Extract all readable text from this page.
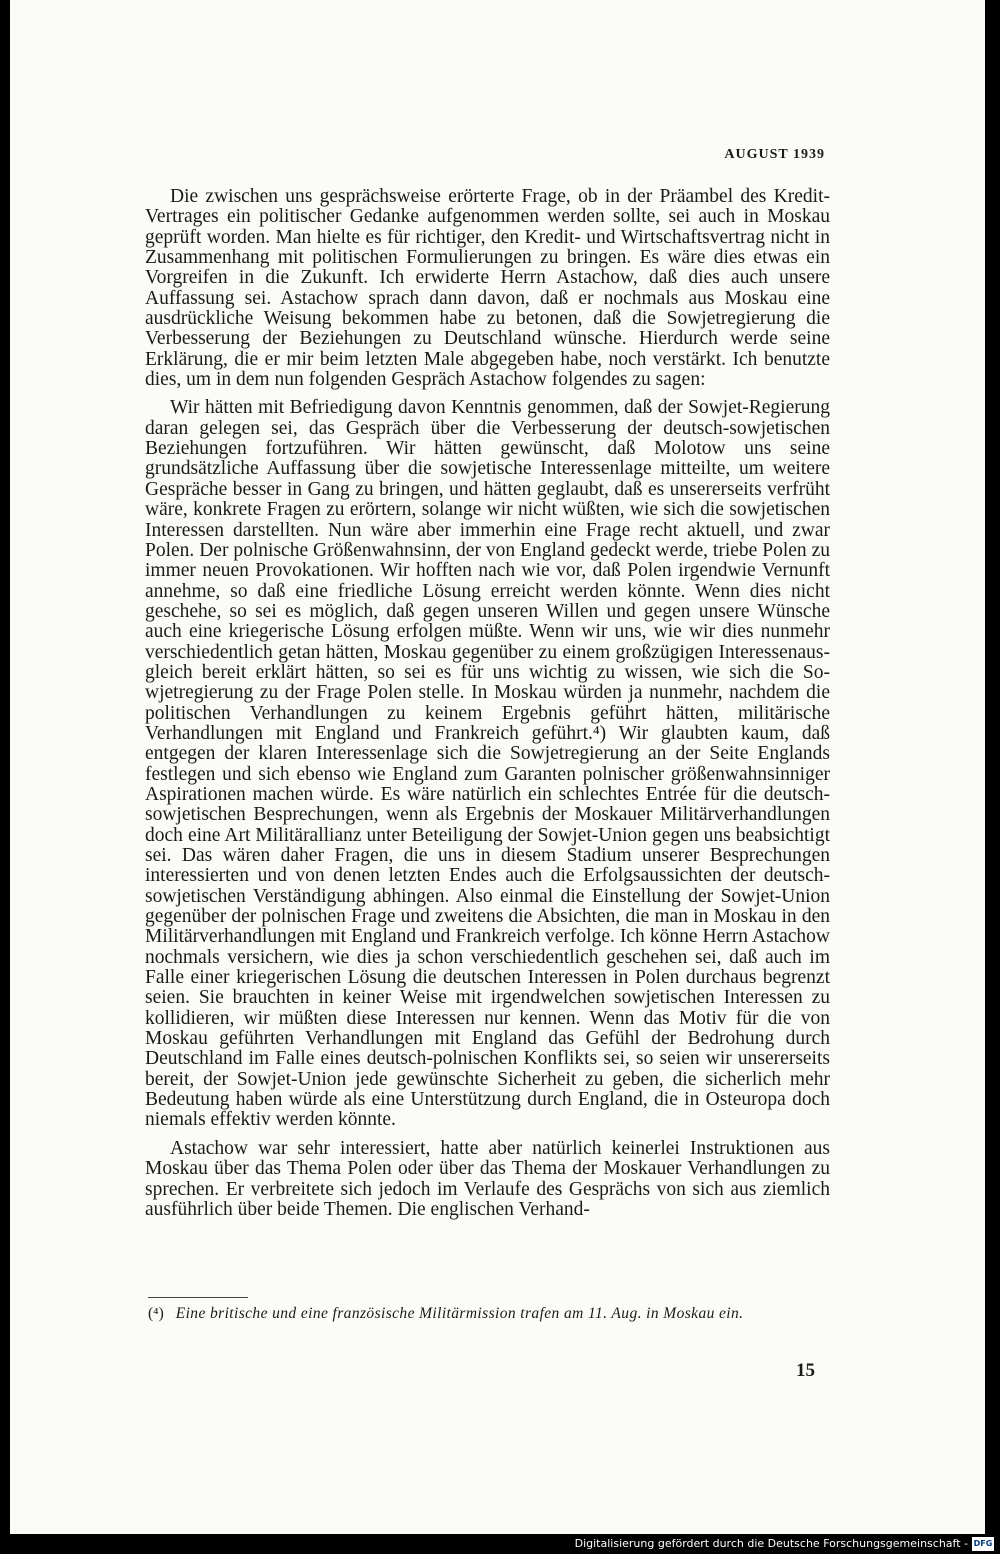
AUGUST 1939

Die zwischen uns gesprächsweise erörterte Frage, ob in der Präambel des Kredit-Vertrages ein politischer Gedanke aufgenommen werden sollte, sei auch in Moskau geprüft worden. Man hielte es für richtiger, den Kredit- und Wirtschaftsvertrag nicht in Zusammenhang mit politischen Formulierungen zu bringen. Es wäre dies etwas ein Vorgreifen in die Zukunft. Ich erwiderte Herrn Astachow, daß dies auch unsere Auffassung sei. Astachow sprach dann davon, daß er nochmals aus Moskau eine ausdrückliche Weisung bekommen habe zu betonen, daß die Sowjetregierung die Verbesserung der Beziehungen zu Deutschland wünsche. Hierdurch werde seine Erklärung, die er mir beim letzten Male abgegeben habe, noch verstärkt. Ich benutzte dies, um in dem nun folgenden Gespräch Astachow folgendes zu sagen:

Wir hätten mit Befriedigung davon Kenntnis genommen, daß der Sowjet-Regierung daran gelegen sei, das Gespräch über die Verbesserung der deutsch-sowjetischen Beziehungen fortzuführen. Wir hätten gewünscht, daß Molotow uns seine grundsätzliche Auffassung über die sowjetische Interessenlage mitteilte, um weitere Gespräche besser in Gang zu bringen, und hätten geglaubt, daß es unsererseits verfrüht wäre, konkrete Fragen zu erörtern, solange wir nicht wüßten, wie sich die sowjetischen Interessen darstellten. Nun wäre aber immerhin eine Frage recht aktuell, und zwar Polen. Der polnische Größenwahnsinn, der von England gedeckt werde, triebe Polen zu immer neuen Provokationen. Wir hofften nach wie vor, daß Polen irgendwie Vernunft annehme, so daß eine friedliche Lösung erreicht werden könnte. Wenn dies nicht geschehe, so sei es möglich, daß gegen unseren Willen und gegen unsere Wünsche auch eine kriegerische Lösung erfolgen müßte. Wenn wir uns, wie wir dies nunmehr verschiedentlich getan hätten, Moskau gegenüber zu einem großzügigen Interessenausgleich bereit erklärt hätten, so sei es für uns wichtig zu wissen, wie sich die Sowjetregierung zu der Frage Polen stelle. In Moskau würden ja nunmehr, nachdem die politischen Verhandlungen zu keinem Ergebnis geführt hätten, militärische Verhandlungen mit England und Frankreich geführt.⁴) Wir glaubten kaum, daß entgegen der klaren Interessenlage sich die Sowjetregierung an der Seite Englands festlegen und sich ebenso wie England zum Garanten polnischer größenwahnsinniger Aspirationen machen würde. Es wäre natürlich ein schlechtes Entrée für die deutsch-sowjetischen Besprechungen, wenn als Ergebnis der Moskauer Militärverhandlungen doch eine Art Militärallianz unter Beteiligung der Sowjet-Union gegen uns beabsichtigt sei. Das wären daher Fragen, die uns in diesem Stadium unserer Besprechungen interessierten und von denen letzten Endes auch die Erfolgsaussichten der deutsch-sowjetischen Verständigung abhingen. Also einmal die Einstellung der Sowjet-Union gegenüber der polnischen Frage und zweitens die Absichten, die man in Moskau in den Militärverhandlungen mit England und Frankreich verfolge. Ich könne Herrn Astachow nochmals versichern, wie dies ja schon verschiedentlich geschehen sei, daß auch im Falle einer kriegerischen Lösung die deutschen Interessen in Polen durchaus begrenzt seien. Sie brauchten in keiner Weise mit irgendwelchen sowjetischen Interessen zu kollidieren, wir müßten diese Interessen nur kennen. Wenn das Motiv für die von Moskau geführten Verhandlungen mit England das Gefühl der Bedrohung durch Deutschland im Falle eines deutsch-polnischen Konflikts sei, so seien wir unsererseits bereit, der Sowjet-Union jede gewünschte Sicherheit zu geben, die sicherlich mehr Bedeutung haben würde als eine Unterstützung durch England, die in Osteuropa doch niemals effektiv werden könnte.

Astachow war sehr interessiert, hatte aber natürlich keinerlei Instruktionen aus Moskau über das Thema Polen oder über das Thema der Moskauer Verhandlungen zu sprechen. Er verbreitete sich jedoch im Verlaufe des Gesprächs von sich aus ziemlich ausführlich über beide Themen. Die englischen Verhand-

(⁴) Eine britische und eine französische Militärmission trafen am 11. Aug. in Moskau ein.
15
Digitalisierung gefördert durch die Deutsche Forschungsgemeinschaft - DFG
